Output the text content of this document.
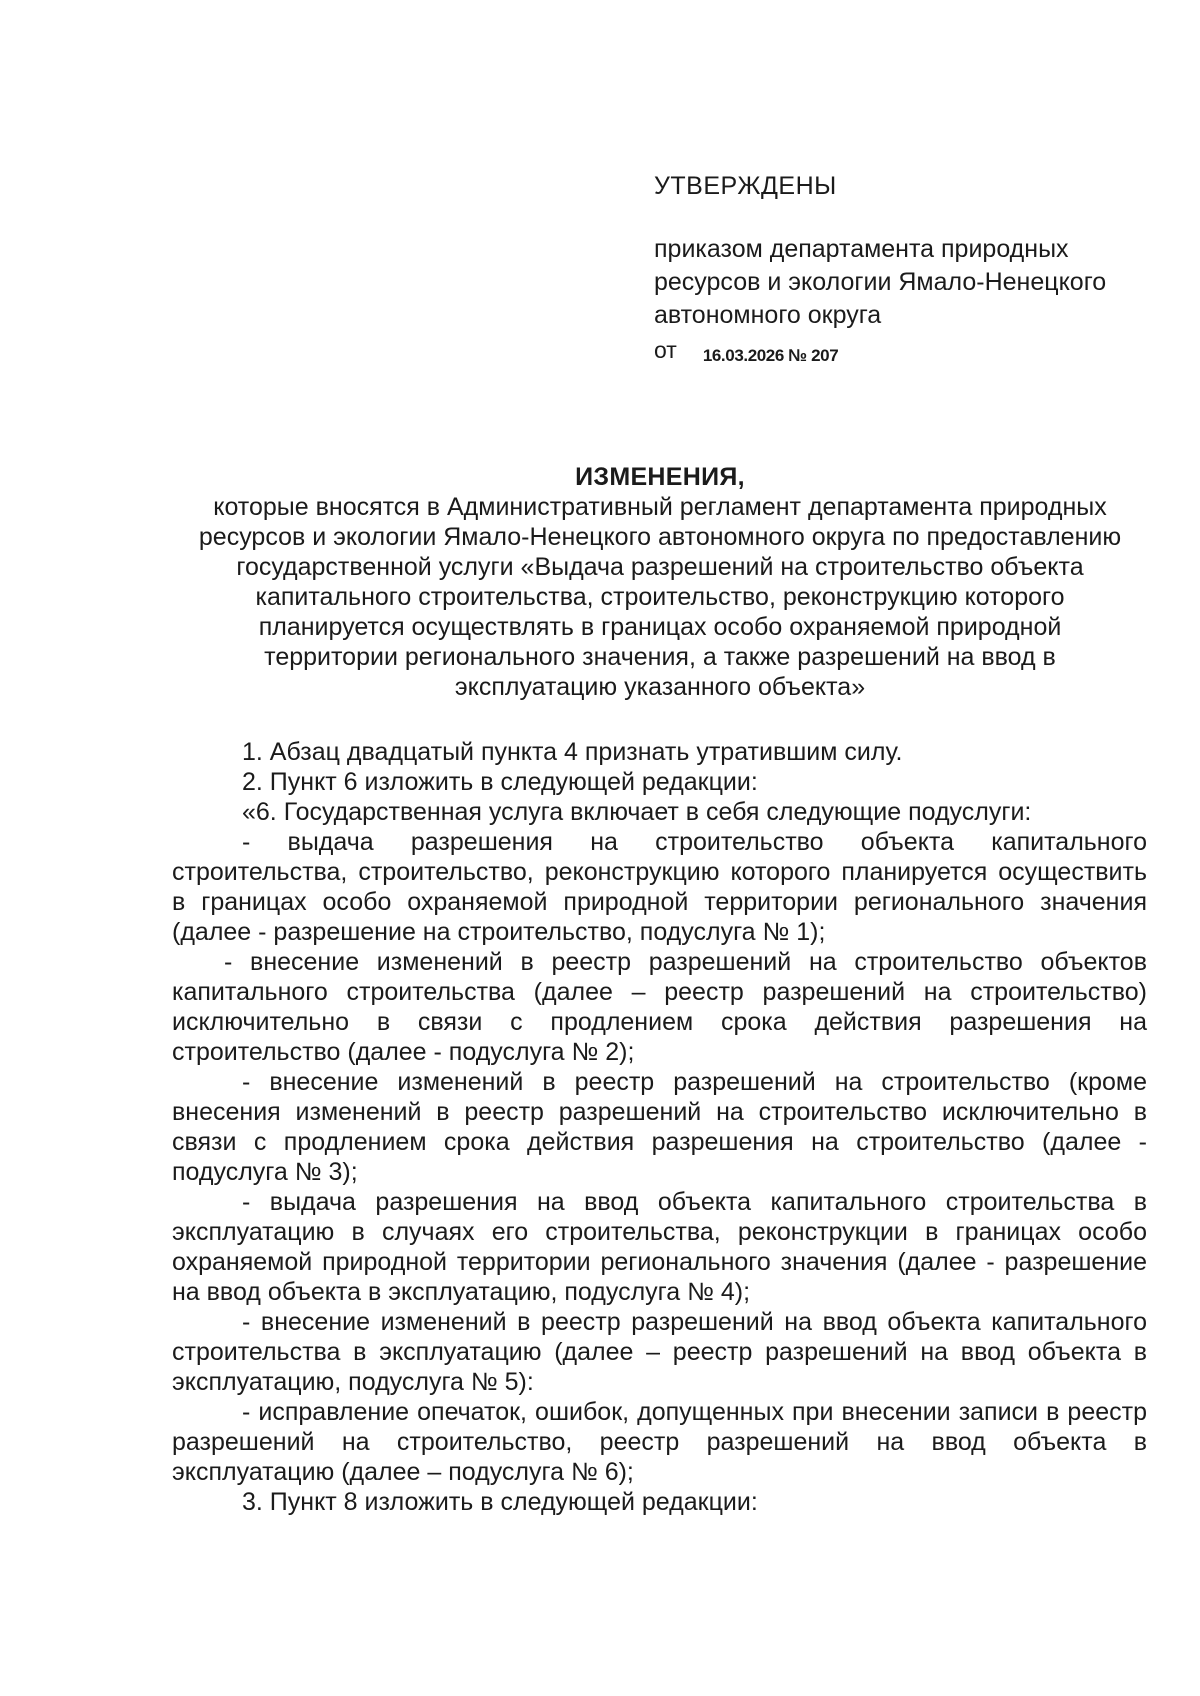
УТВЕРЖДЕНЫ
приказом департамента природных
ресурсов и экологии Ямало-Ненецкого
автономного округа
от 16.03.2026 № 207
ИЗМЕНЕНИЯ,
которые вносятся в Административный регламент департамента природных
ресурсов и экологии Ямало-Ненецкого автономного округа по предоставлению
государственной услуги «Выдача разрешений на строительство объекта
капитального строительства, строительство, реконструкцию которого
планируется осуществлять в границах особо охраняемой природной
территории регионального значения, а также разрешений на ввод в
эксплуатацию указанного объекта»

1. Абзац двадцатый пункта 4 признать утратившим силу.

2. Пункт 6 изложить в следующей редакции:

«6. Государственная услуга включает в себя следующие подуслуги:

- выдача разрешения на строительство объекта капитального строительства, строительство, реконструкцию которого планируется осуществить в границах особо охраняемой природной территории регионального значения (далее - разрешение на строительство, подуслуга № 1);

- внесение изменений в реестр разрешений на строительство объектов капитального строительства (далее – реестр разрешений на строительство) исключительно в связи с продлением срока действия разрешения на строительство (далее - подуслуга № 2);

- внесение изменений в реестр разрешений на строительство (кроме внесения изменений в реестр разрешений на строительство исключительно в связи с продлением срока действия разрешения на строительство (далее - подуслуга № 3);

- выдача разрешения на ввод объекта капитального строительства в эксплуатацию в случаях его строительства, реконструкции в границах особо охраняемой природной территории регионального значения (далее - разрешение на ввод объекта в эксплуатацию, подуслуга № 4);

- внесение изменений в реестр разрешений на ввод объекта капитального строительства в эксплуатацию (далее – реестр разрешений на ввод объекта в эксплуатацию, подуслуга № 5):

- исправление опечаток, ошибок, допущенных при внесении записи в реестр разрешений на строительство, реестр разрешений на ввод объекта в эксплуатацию (далее – подуслуга № 6);

3. Пункт 8 изложить в следующей редакции:
